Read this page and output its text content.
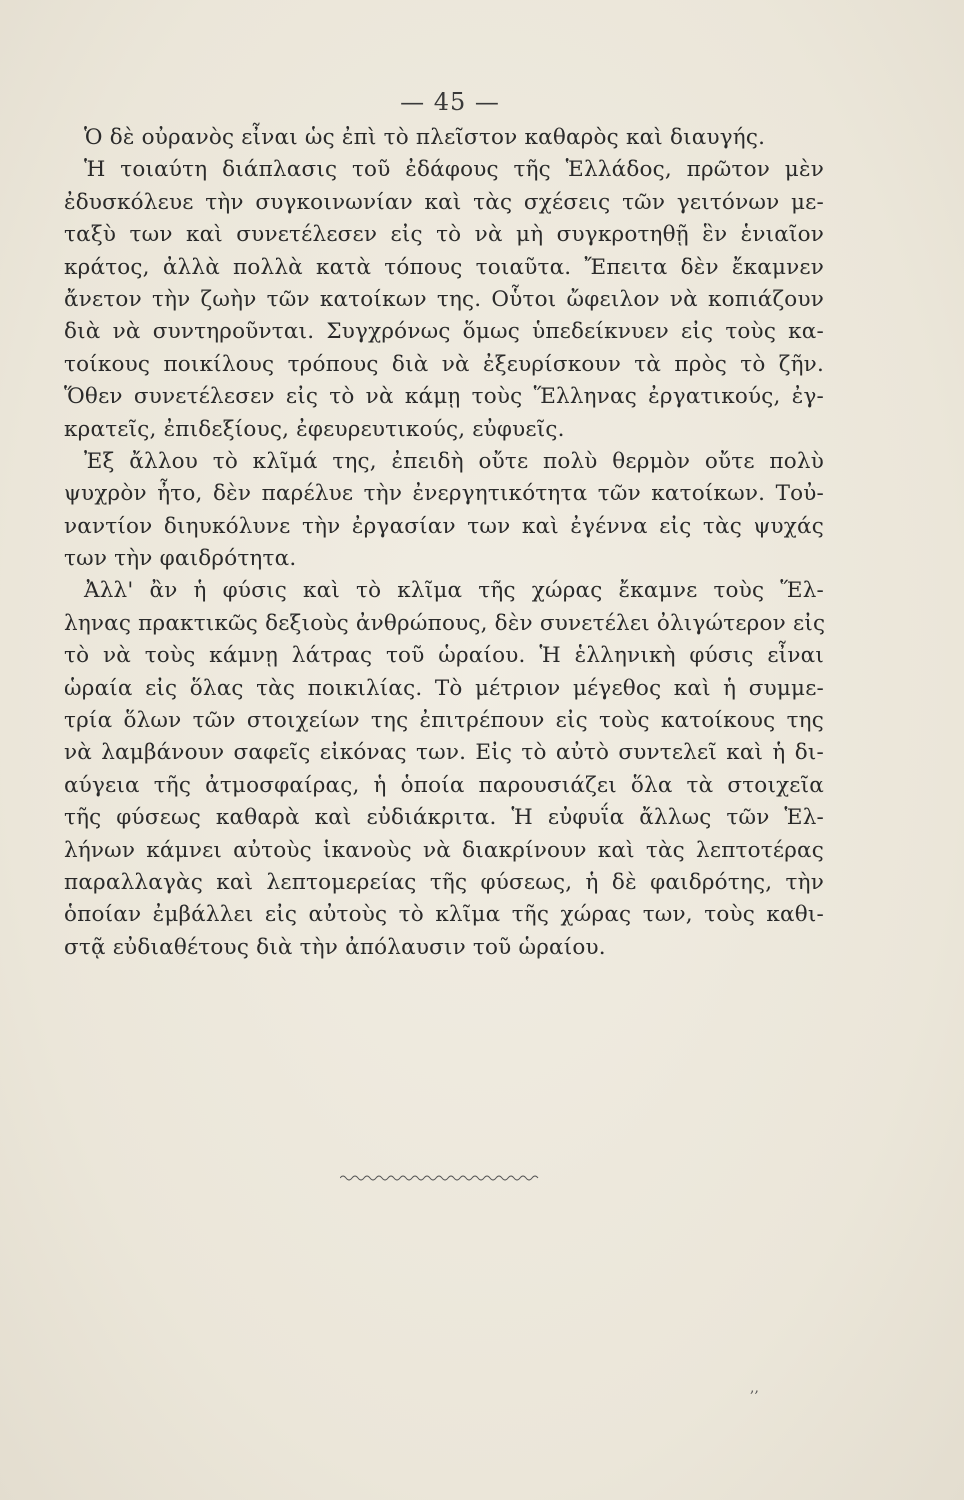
— 45 —
Ὁ δὲ οὐρανὸς εἶναι ὡς ἐπὶ τὸ πλεῖστον καθαρὸς καὶ διαυγής.
Ἡ τοιαύτη διάπλασις τοῦ ἐδάφους τῆς Ἑλλάδος, πρῶτον μὲν
ἐδυσκόλευε τὴν συγκοινωνίαν καὶ τὰς σχέσεις τῶν γειτόνων με-
ταξὺ των καὶ συνετέλεσεν εἰς τὸ νὰ μὴ συγκροτηθῇ ἓν ἑνιαῖον
κράτος, ἀλλὰ πολλὰ κατὰ τόπους τοιαῦτα. Ἔπειτα δὲν ἔκαμνεν
ἄνετον τὴν ζωὴν τῶν κατοίκων της. Οὗτοι ὤφειλον νὰ κοπιάζουν
διὰ νὰ συντηροῦνται. Συγχρόνως ὅμως ὑπεδείκνυεν εἰς τοὺς κα-
τοίκους ποικίλους τρόπους διὰ νὰ ἐξευρίσκουν τὰ πρὸς τὸ ζῆν.
Ὅθεν συνετέλεσεν εἰς τὸ νὰ κάμῃ τοὺς Ἕλληνας ἐργατικούς, ἐγ-
κρατεῖς, ἐπιδεξίους, ἐφευρευτικούς, εὐφυεῖς.
Ἐξ ἄλλου τὸ κλῖμά της, ἐπειδὴ οὔτε πολὺ θερμὸν οὔτε πολὺ
ψυχρὸν ἦτο, δὲν παρέλυε τὴν ἐνεργητικότητα τῶν κατοίκων. Τοὐ-
ναντίον διηυκόλυνε τὴν ἐργασίαν των καὶ ἐγέννα εἰς τὰς ψυχάς
των τὴν φαιδρότητα.
Ἀλλ' ἂν ἡ φύσις καὶ τὸ κλῖμα τῆς χώρας ἔκαμνε τοὺς Ἕλ-
ληνας πρακτικῶς δεξιοὺς ἀνθρώπους, δὲν συνετέλει ὀλιγώτερον εἰς
τὸ νὰ τοὺς κάμνῃ λάτρας τοῦ ὡραίου. Ἡ ἑλληνικὴ φύσις εἶναι
ὡραία εἰς ὅλας τὰς ποικιλίας. Τὸ μέτριον μέγεθος καὶ ἡ συμμε-
τρία ὅλων τῶν στοιχείων της ἐπιτρέπουν εἰς τοὺς κατοίκους της
νὰ λαμβάνουν σαφεῖς εἰκόνας των. Εἰς τὸ αὐτὸ συντελεῖ καὶ ἡ δι-
αύγεια τῆς ἀτμοσφαίρας, ἡ ὁποία παρουσιάζει ὅλα τὰ στοιχεῖα
τῆς φύσεως καθαρὰ καὶ εὐδιάκριτα. Ἡ εὐφυΐα ἄλλως τῶν Ἑλ-
λήνων κάμνει αὐτοὺς ἱκανοὺς νὰ διακρίνουν καὶ τὰς λεπτοτέρας
παραλλαγὰς καὶ λεπτομερείας τῆς φύσεως, ἡ δὲ φαιδρότης, τὴν
ὁποίαν ἐμβάλλει εἰς αὐτοὺς τὸ κλῖμα τῆς χώρας των, τοὺς καθι-
στᾷ εὐδιαθέτους διὰ τὴν ἀπόλαυσιν τοῦ ὡραίου.
,,
